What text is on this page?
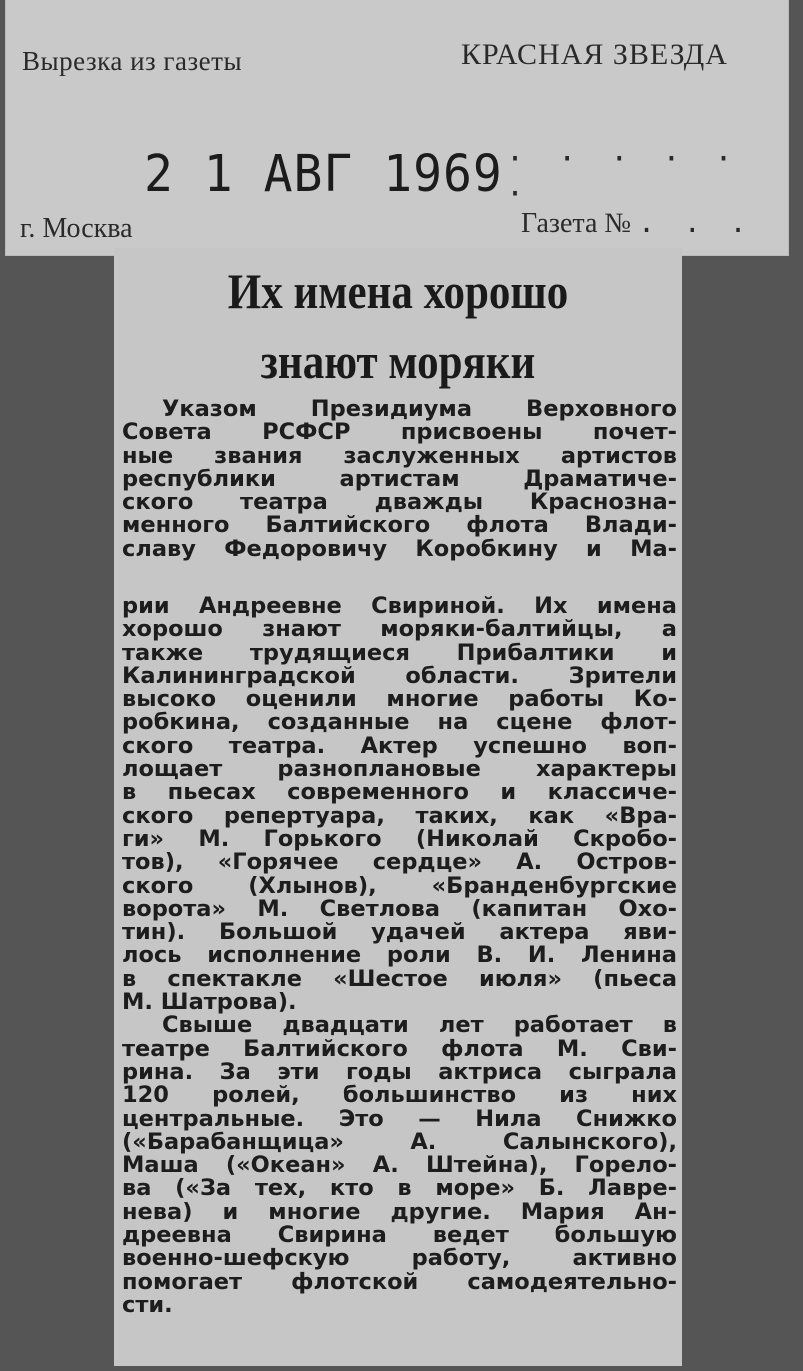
Вырезка из газеты	КРАСНАЯ ЗВЕЗДА
2 1 АВГ 1969 · · · · · ·
г. Москва	Газета № . . .
Их имена хорошо
знают моряки
Указом Президиума Верховного
Совета РСФСР присвоены почет-
ные звания заслуженных артистов
республики артистам Драматиче-
ского театра дважды Краснозна-
менного Балтийского флота Влади-
славу Федоровичу Коробкину и Ма-
рии Андреевне Свириной. Их имена
хорошо знают моряки-балтийцы, а
также трудящиеся Прибалтики и
Калининградской области. Зрители
высоко оценили многие работы Ко-
робкина, созданные на сцене флот-
ского театра. Актер успешно воп-
лощает разноплановые характеры
в пьесах современного и классиче-
ского репертуара, таких, как «Вра-
ги» М. Горького (Николай Скробо-
тов), «Горячее сердце» А. Остров-
ского (Хлынов), «Бранденбургские
ворота» М. Светлова (капитан Охо-
тин). Большой удачей актера яви-
лось исполнение роли В. И. Ленина
в спектакле «Шестое июля» (пьеса
М. Шатрова).
Свыше двадцати лет работает в
театре Балтийского флота М. Сви-
рина. За эти годы актриса сыграла
120 ролей, большинство из них
центральные. Это — Нила Снижко
(«Барабанщица» А. Салынского),
Маша («Океан» А. Штейна), Горело-
ва («За тех, кто в море» Б. Лавре-
нева) и многие другие. Мария Ан-
дреевна Свирина ведет большую
военно-шефскую работу, активно
помогает флотской самодеятельно-
сти.
